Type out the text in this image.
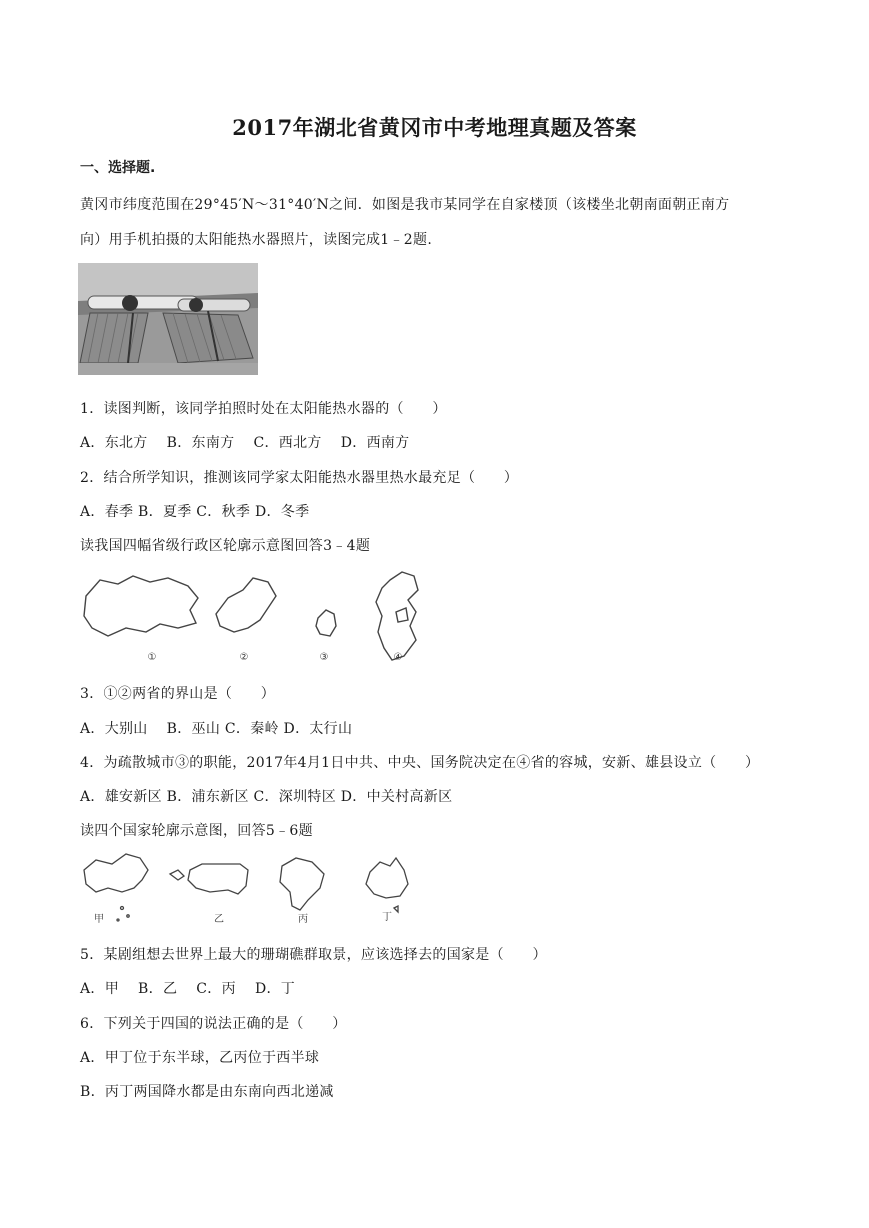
2017年湖北省黄冈市中考地理真题及答案
一、选择题.
黄冈市纬度范围在29°45′N～31°40′N之间．如图是我市某同学在自家楼顶（该楼坐北朝南面朝正南方
向）用手机拍摄的太阳能热水器照片，读图完成1﹣2题.
1．读图判断，该同学拍照时处在太阳能热水器的（　　）
A．东北方　 B．东南方　 C．西北方　 D．西南方
2．结合所学知识，推测该同学家太阳能热水器里热水最充足（　　）
A．春季 B．夏季 C．秋季 D．冬季
读我国四幅省级行政区轮廓示意图回答3﹣4题
①	②	③	④
3．①②两省的界山是（　　）
A．大别山　 B．巫山 C．秦岭 D．太行山
4．为疏散城市③的职能，2017年4月1日中共、中央、国务院决定在④省的容城，安新、雄县设立（　　）
A．雄安新区 B．浦东新区 C．深圳特区 D．中关村高新区
读四个国家轮廓示意图，回答5﹣6题
甲	乙	丙	丁
5．某剧组想去世界上最大的珊瑚礁群取景，应该选择去的国家是（　　）
A．甲　 B．乙　 C．丙　 D．丁
6．下列关于四国的说法正确的是（　　）
A．甲丁位于东半球，乙丙位于西半球
B．丙丁两国降水都是由东南向西北递减
